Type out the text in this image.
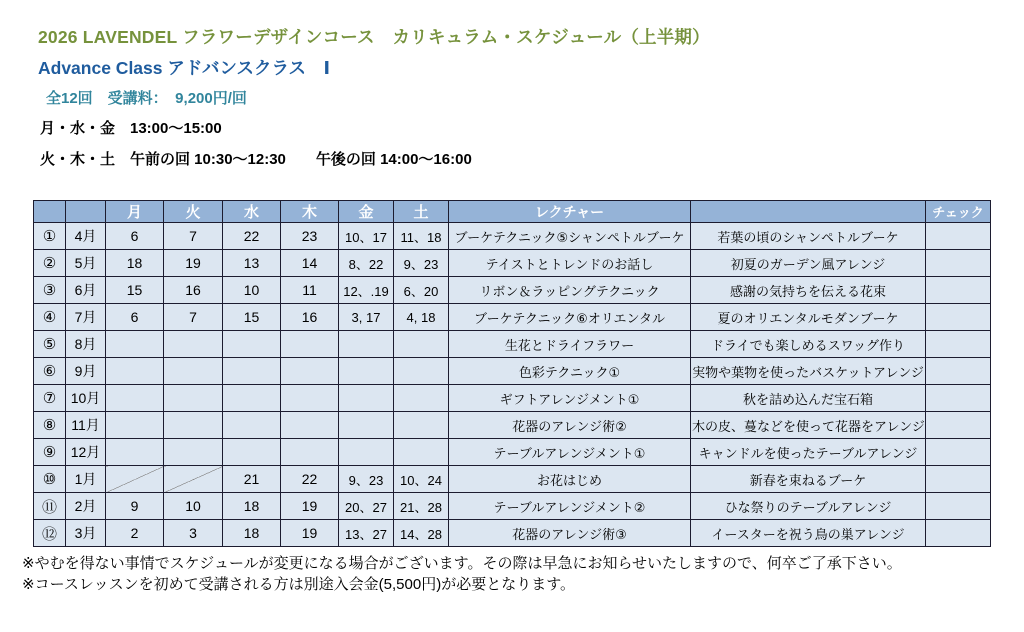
2026 LAVENDEL フラワーデザインコース　カリキュラム・スケジュール（上半期）
Advance Class アドバンスクラス　Ⅰ
全12回　受講料：　9,200円/回
月・水・金　13:00～15:00
火・木・土　午前の回 10:30～12:30　　午後の回 14:00～16:00
		月	火	水	木	金	土	レクチャー		チェック
①	4月	6	7	22	23	10、17	11、18	ブーケテクニック⑤シャンペトルブーケ	若葉の頃のシャンペトルブーケ	
②	5月	18	19	13	14	8、22	9、23	テイストとトレンドのお話し	初夏のガーデン風アレンジ	
③	6月	15	16	10	11	12、.19	6、20	リボン＆ラッピングテクニック	感謝の気持ちを伝える花束	
④	7月	6	7	15	16	3, 17	4, 18	ブーケテクニック⑥オリエンタル	夏のオリエンタルモダンブーケ	
⑤	8月							生花とドライフラワー	ドライでも楽しめるスワッグ作り	
⑥	9月							色彩テクニック①	実物や葉物を使ったバスケットアレンジ	
⑦	10月							ギフトアレンジメント①	秋を詰め込んだ宝石箱	
⑧	11月							花器のアレンジ術②	木の皮、蔓などを使って花器をアレンジ	
⑨	12月							テーブルアレンジメント①	キャンドルを使ったテーブルアレンジ	
⑩	1月			21	22	9、23	10、24	お花はじめ	新春を束ねるブーケ	
⑪	2月	9	10	18	19	20、27	21、28	テーブルアレンジメント②	ひな祭りのテーブルアレンジ	
⑫	3月	2	3	18	19	13、27	14、28	花器のアレンジ術③	イースターを祝う鳥の巣アレンジ	
※やむを得ない事情でスケジュールが変更になる場合がございます。その際は早急にお知らせいたしますので、何卒ご了承下さい。
※コースレッスンを初めて受講される方は別途入会金(5,500円)が必要となります。
